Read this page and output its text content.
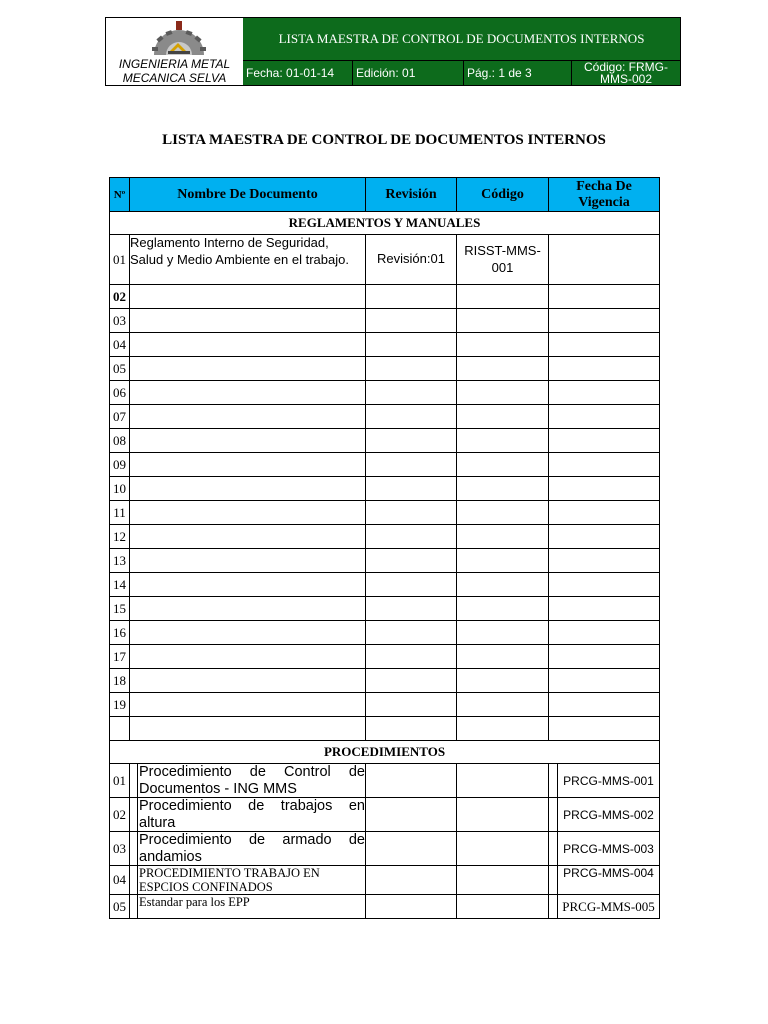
INGENIERIA METAL MECANICA SELVA
LISTA MAESTRA DE CONTROL DE DOCUMENTOS INTERNOS
Fecha: 01-01-14	Edición: 01	Pág.: 1 de 3	Código: FRMG-MMS-002
LISTA MAESTRA DE CONTROL DE DOCUMENTOS INTERNOS
Nº	Nombre De Documento	Revisión	Código	Fecha De Vigencia
REGLAMENTOS Y MANUALES				
01	Reglamento Interno de Seguridad, Salud y Medio Ambiente en el trabajo.	Revisión:01	RISST-MMS-001	
02				
03				
04				
05				
06				
07				
08				
09				
10				
11				
12				
13				
14				
15				
16				
17				
18				
19				

PROCEDIMIENTOS				
01	Procedimiento de Control de Documentos - ING MMS			PRCG-MMS-001

02	Procedimiento de trabajos en altura			PRCG-MMS-002

03	Procedimiento de armado de andamios			PRCG-MMS-003

04	PROCEDIMIENTO TRABAJO EN ESPCIOS CONFINADOS			PRCG-MMS-004

05	Estandar para los EPP			PRCG-MMS-005
